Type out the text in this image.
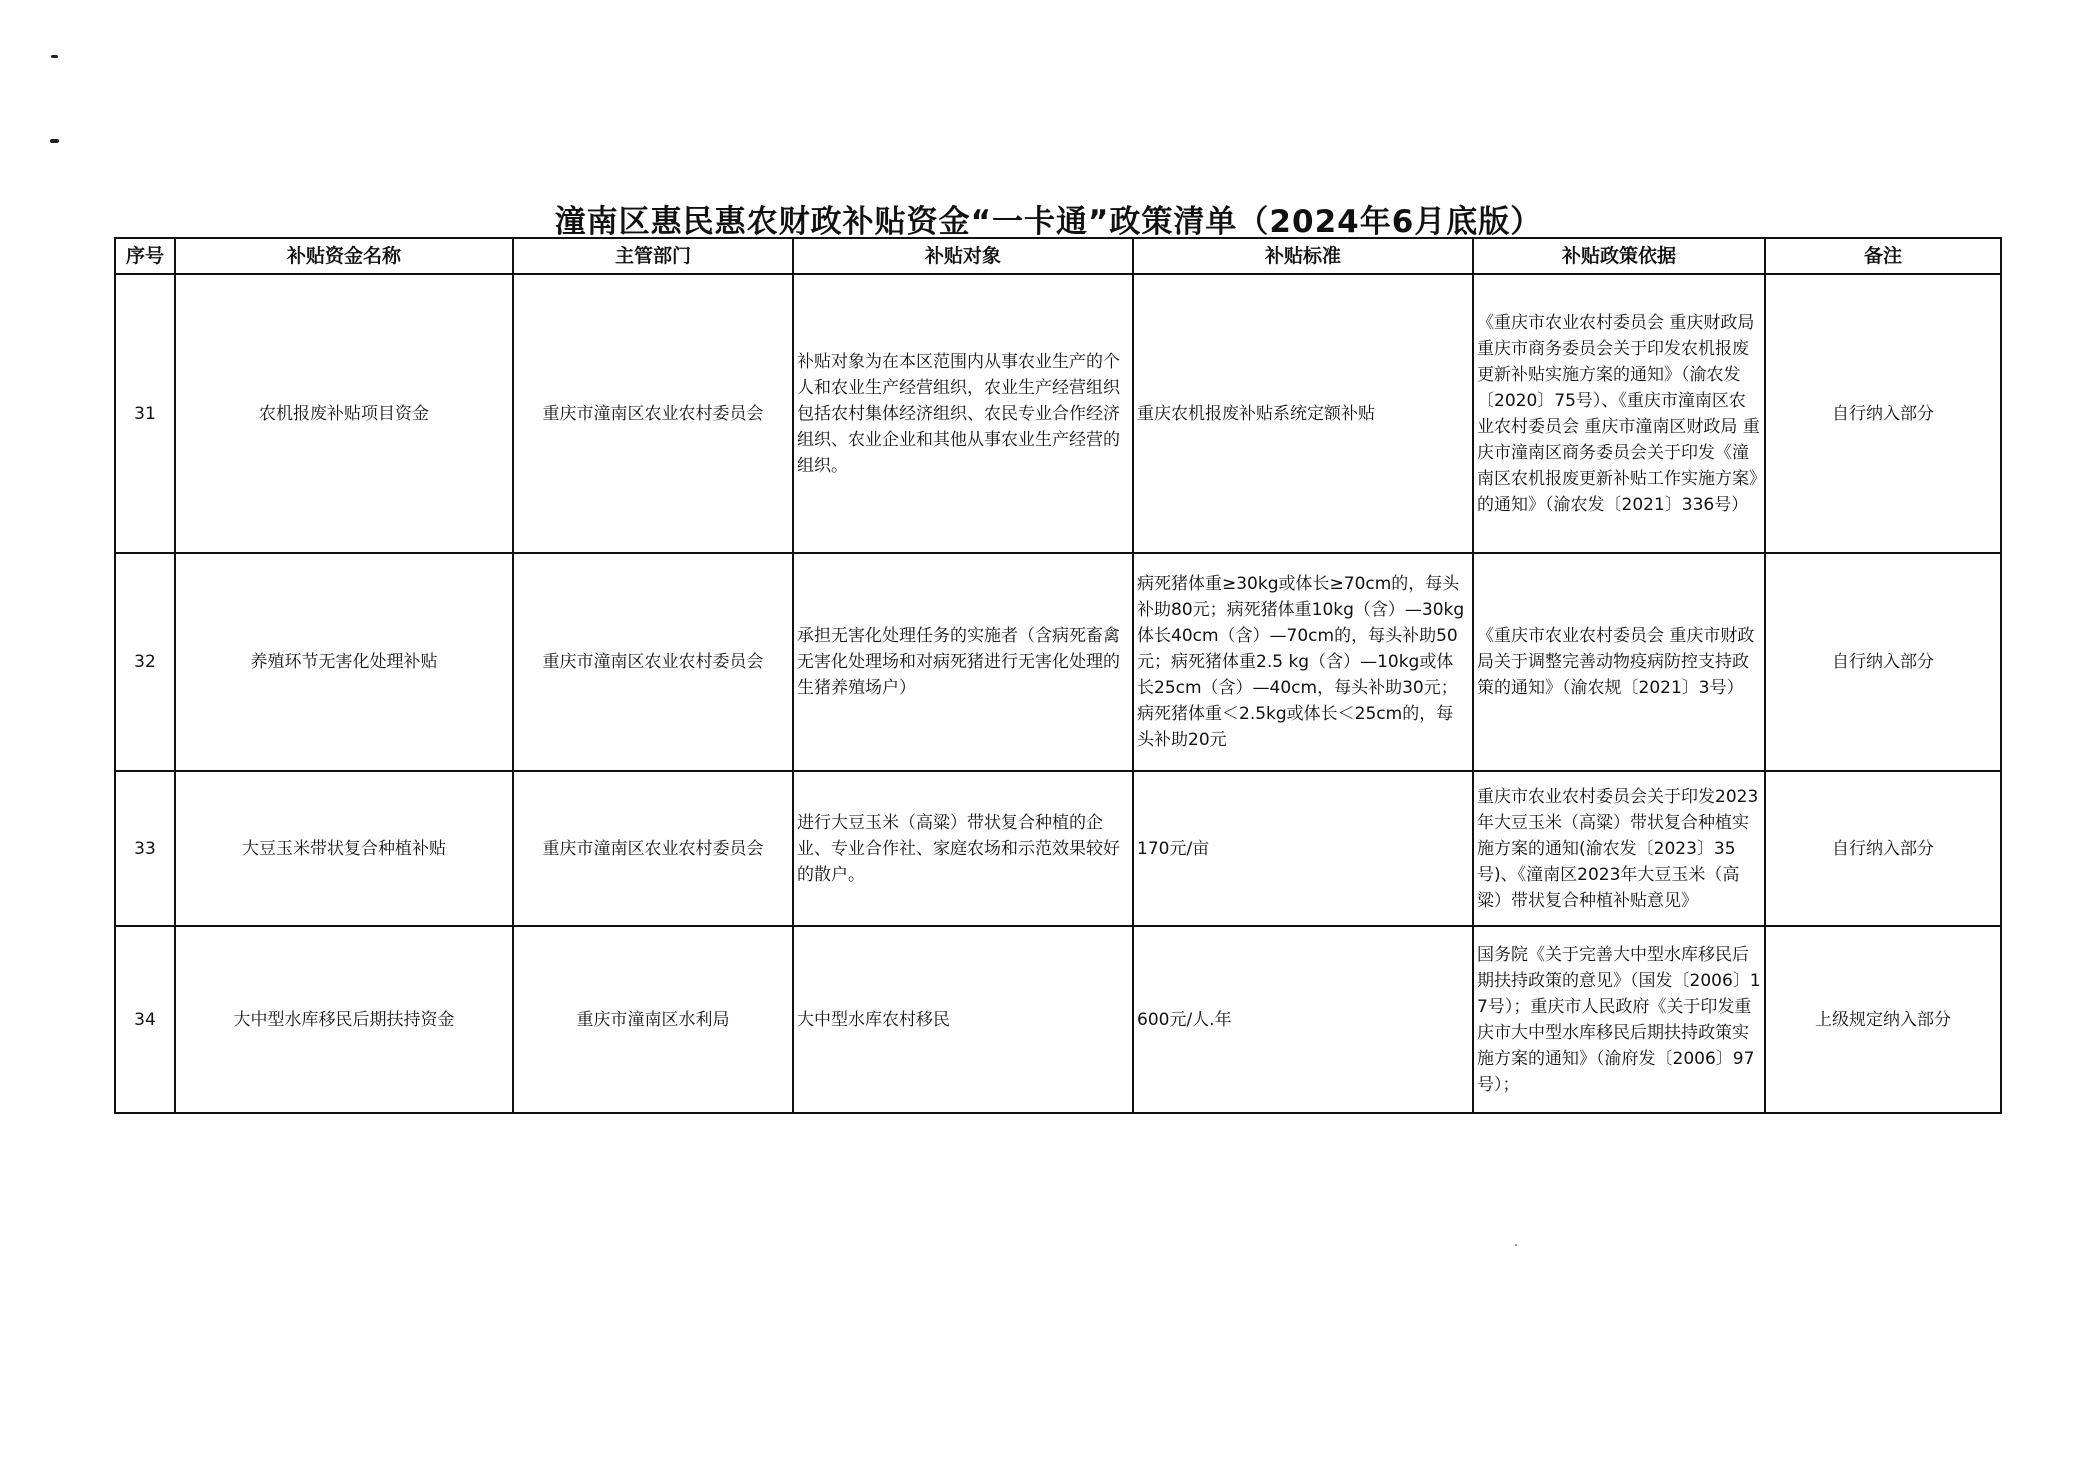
潼南区惠民惠农财政补贴资金“一卡通”政策清单（2024年6月底版）
序号	补贴资金名称	主管部门	补贴对象	补贴标准	补贴政策依据	备注
31	农机报废补贴项目资金	重庆市潼南区农业农村委员会	补贴对象为在本区范围内从事农业生产的个人和农业生产经营组织，农业生产经营组织包括农村集体经济组织、农民专业合作经济组织、农业企业和其他从事农业生产经营的组织。	重庆农机报废补贴系统定额补贴	《重庆市农业农村委员会 重庆财政局重庆市商务委员会关于印发农机报废更新补贴实施方案的通知》（渝农发〔2020〕75号）、《重庆市潼南区农业农村委员会 重庆市潼南区财政局 重庆市潼南区商务委员会关于印发《潼南区农机报废更新补贴工作实施方案》的通知》（渝农发〔2021〕336号）	自行纳入部分
32	养殖环节无害化处理补贴	重庆市潼南区农业农村委员会	承担无害化处理任务的实施者（含病死畜禽无害化处理场和对病死猪进行无害化处理的生猪养殖场户）	病死猪体重≥30kg或体长≥70cm的，每头补助80元；病死猪体重10kg（含）—30kg体长40cm（含）—70cm的，每头补助50元；病死猪体重2.5 kg（含）—10kg或体长25cm（含）—40cm，每头补助30元；病死猪体重＜2.5kg或体长＜25cm的，每头补助20元	《重庆市农业农村委员会 重庆市财政局关于调整完善动物疫病防控支持政策的通知》（渝农规〔2021〕3号）	自行纳入部分
33	大豆玉米带状复合种植补贴	重庆市潼南区农业农村委员会	进行大豆玉米（高粱）带状复合种植的企业、专业合作社、家庭农场和示范效果较好的散户。	170元/亩	重庆市农业农村委员会关于印发2023年大豆玉米（高粱）带状复合种植实施方案的通知(渝农发〔2023〕35号)、《潼南区2023年大豆玉米（高粱）带状复合种植补贴意见》	自行纳入部分
34	大中型水库移民后期扶持资金	重庆市潼南区水利局	大中型水库农村移民	600元/人.年	国务院《关于完善大中型水库移民后期扶持政策的意见》（国发〔2006〕17号）；重庆市人民政府《关于印发重庆市大中型水库移民后期扶持政策实施方案的通知》（渝府发〔2006〕97号）；	上级规定纳入部分
